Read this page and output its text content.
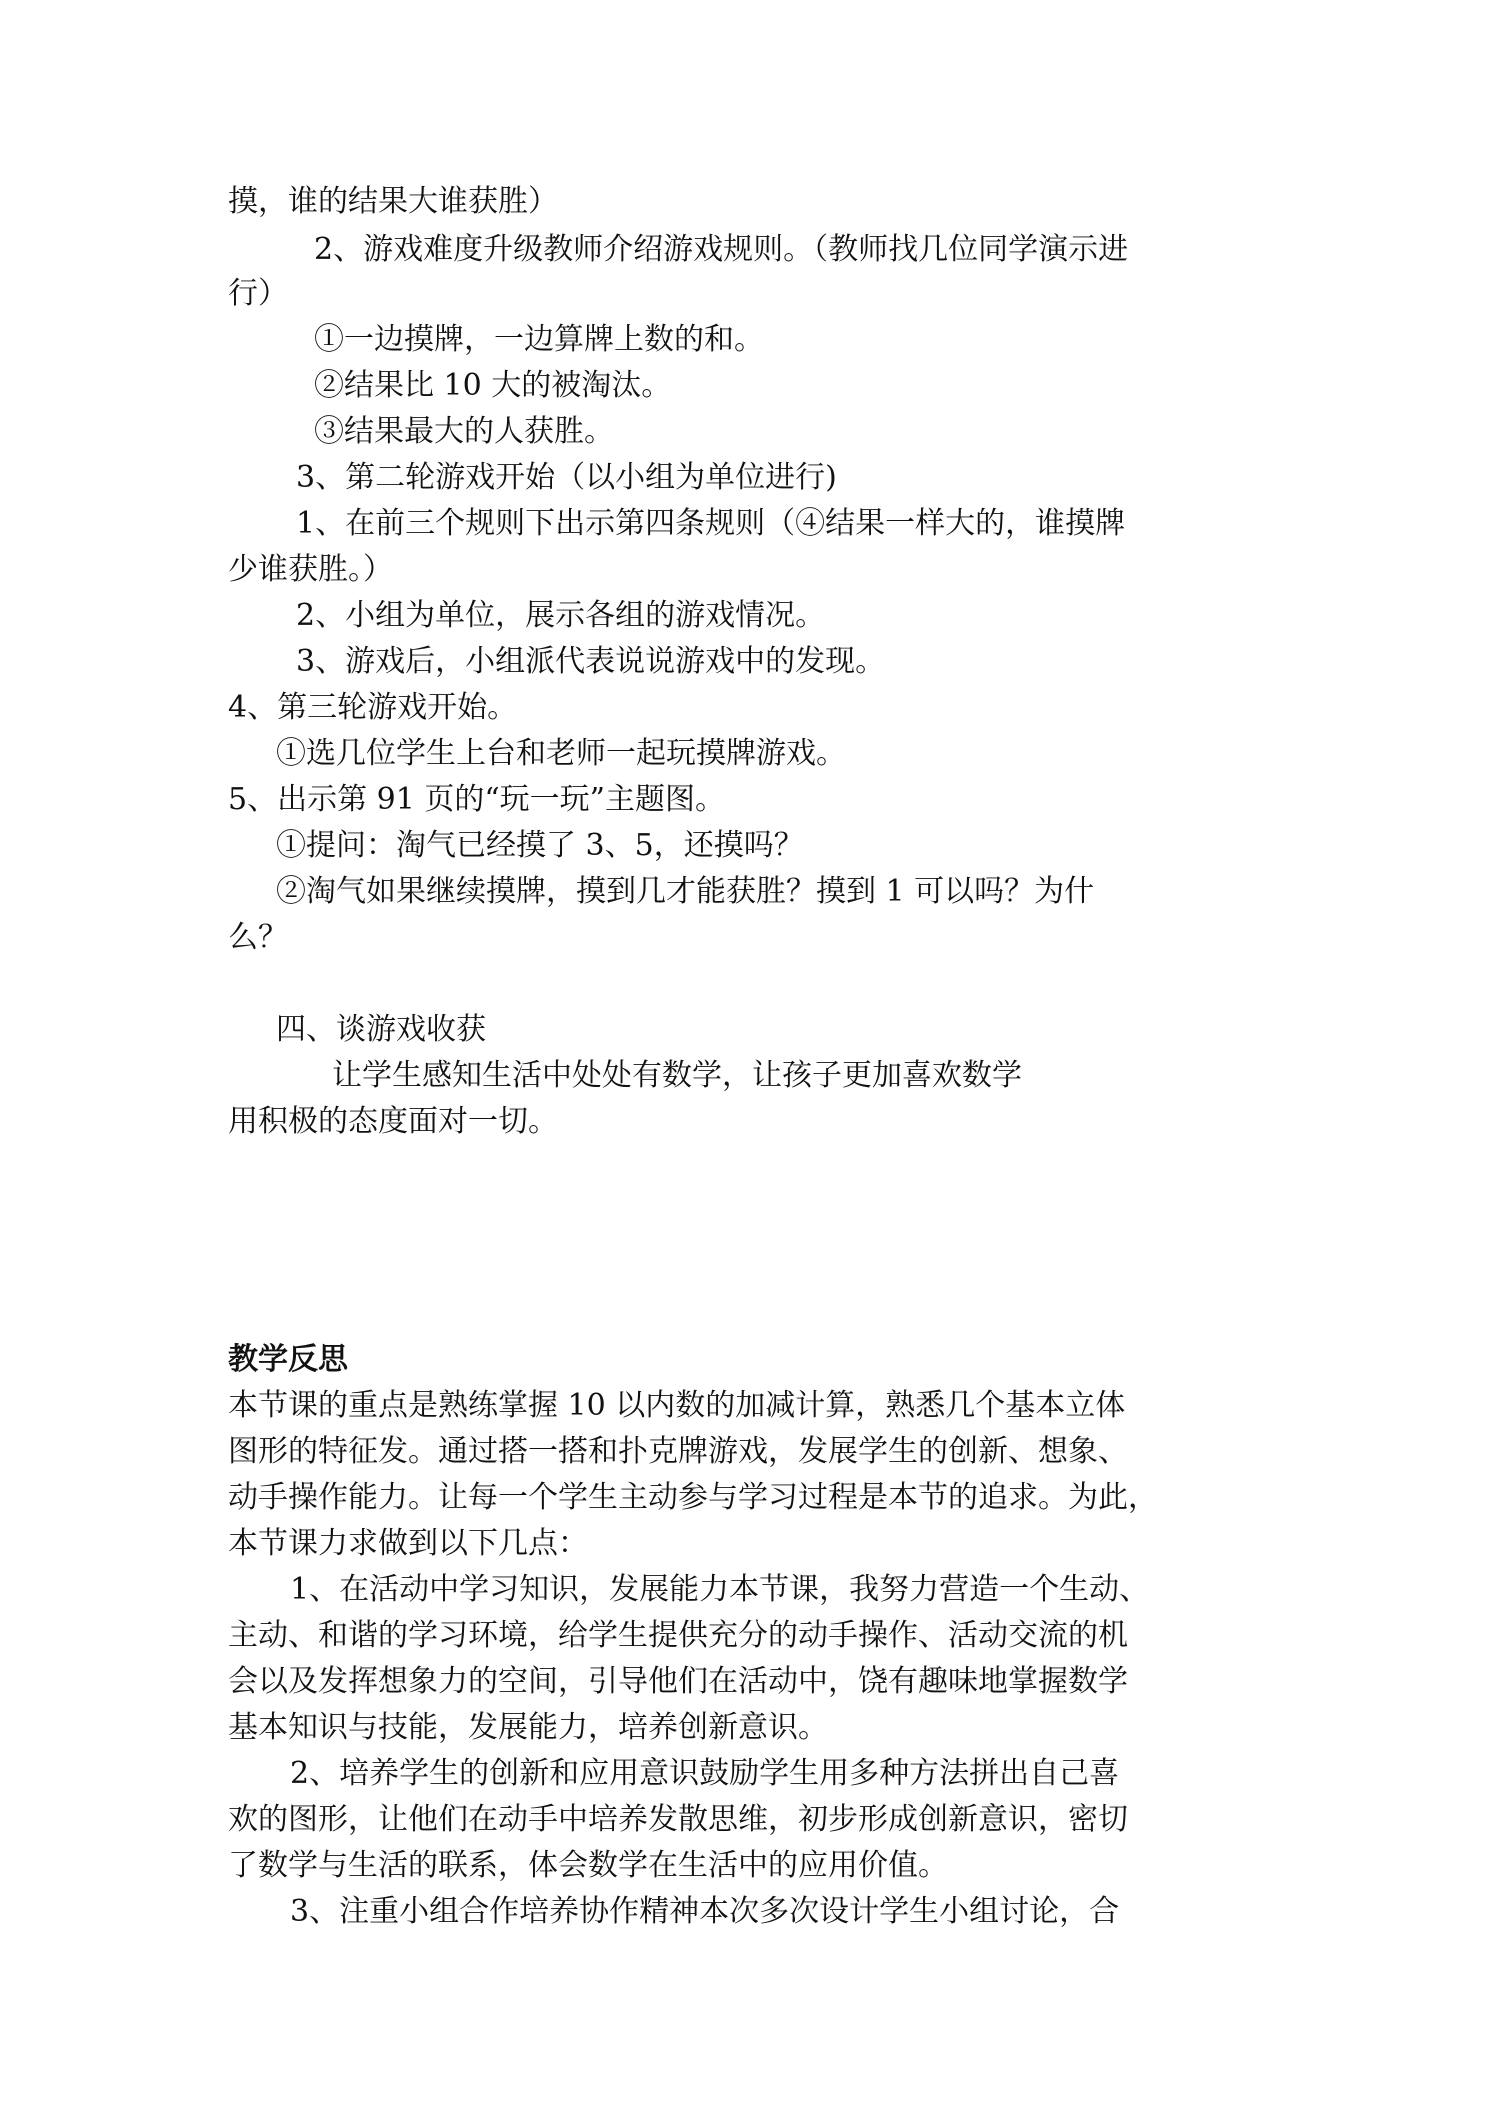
摸，谁的结果大谁获胜）

2、游戏难度升级教师介绍游戏规则。（教师找几位同学演示进

行）

①一边摸牌，一边算牌上数的和。

②结果比 10 大的被淘汰。

③结果最大的人获胜。

3、第二轮游戏开始（以小组为单位进行)

1、在前三个规则下出示第四条规则（④结果一样大的，谁摸牌

少谁获胜。）

2、小组为单位，展示各组的游戏情况。

3、游戏后，小组派代表说说游戏中的发现。

4、第三轮游戏开始。

①选几位学生上台和老师一起玩摸牌游戏。

5、出示第 91 页的“玩一玩”主题图。

①提问：淘气已经摸了 3、5，还摸吗？

②淘气如果继续摸牌，摸到几才能获胜？摸到 1 可以吗？为什

么？

四、谈游戏收获

让学生感知生活中处处有数学，让孩子更加喜欢数学

用积极的态度面对一切。

教学反思

本节课的重点是熟练掌握 10 以内数的加减计算，熟悉几个基本立体

图形的特征发。通过搭一搭和扑克牌游戏，发展学生的创新、想象、

动手操作能力。让每一个学生主动参与学习过程是本节的追求。为此，

本节课力求做到以下几点：

1、在活动中学习知识，发展能力本节课，我努力营造一个生动、

主动、和谐的学习环境，给学生提供充分的动手操作、活动交流的机

会以及发挥想象力的空间，引导他们在活动中，饶有趣味地掌握数学

基本知识与技能，发展能力，培养创新意识。

2、培养学生的创新和应用意识鼓励学生用多种方法拼出自己喜

欢的图形，让他们在动手中培养发散思维，初步形成创新意识，密切

了数学与生活的联系，体会数学在生活中的应用价值。

3、注重小组合作培养协作精神本次多次设计学生小组讨论，合
